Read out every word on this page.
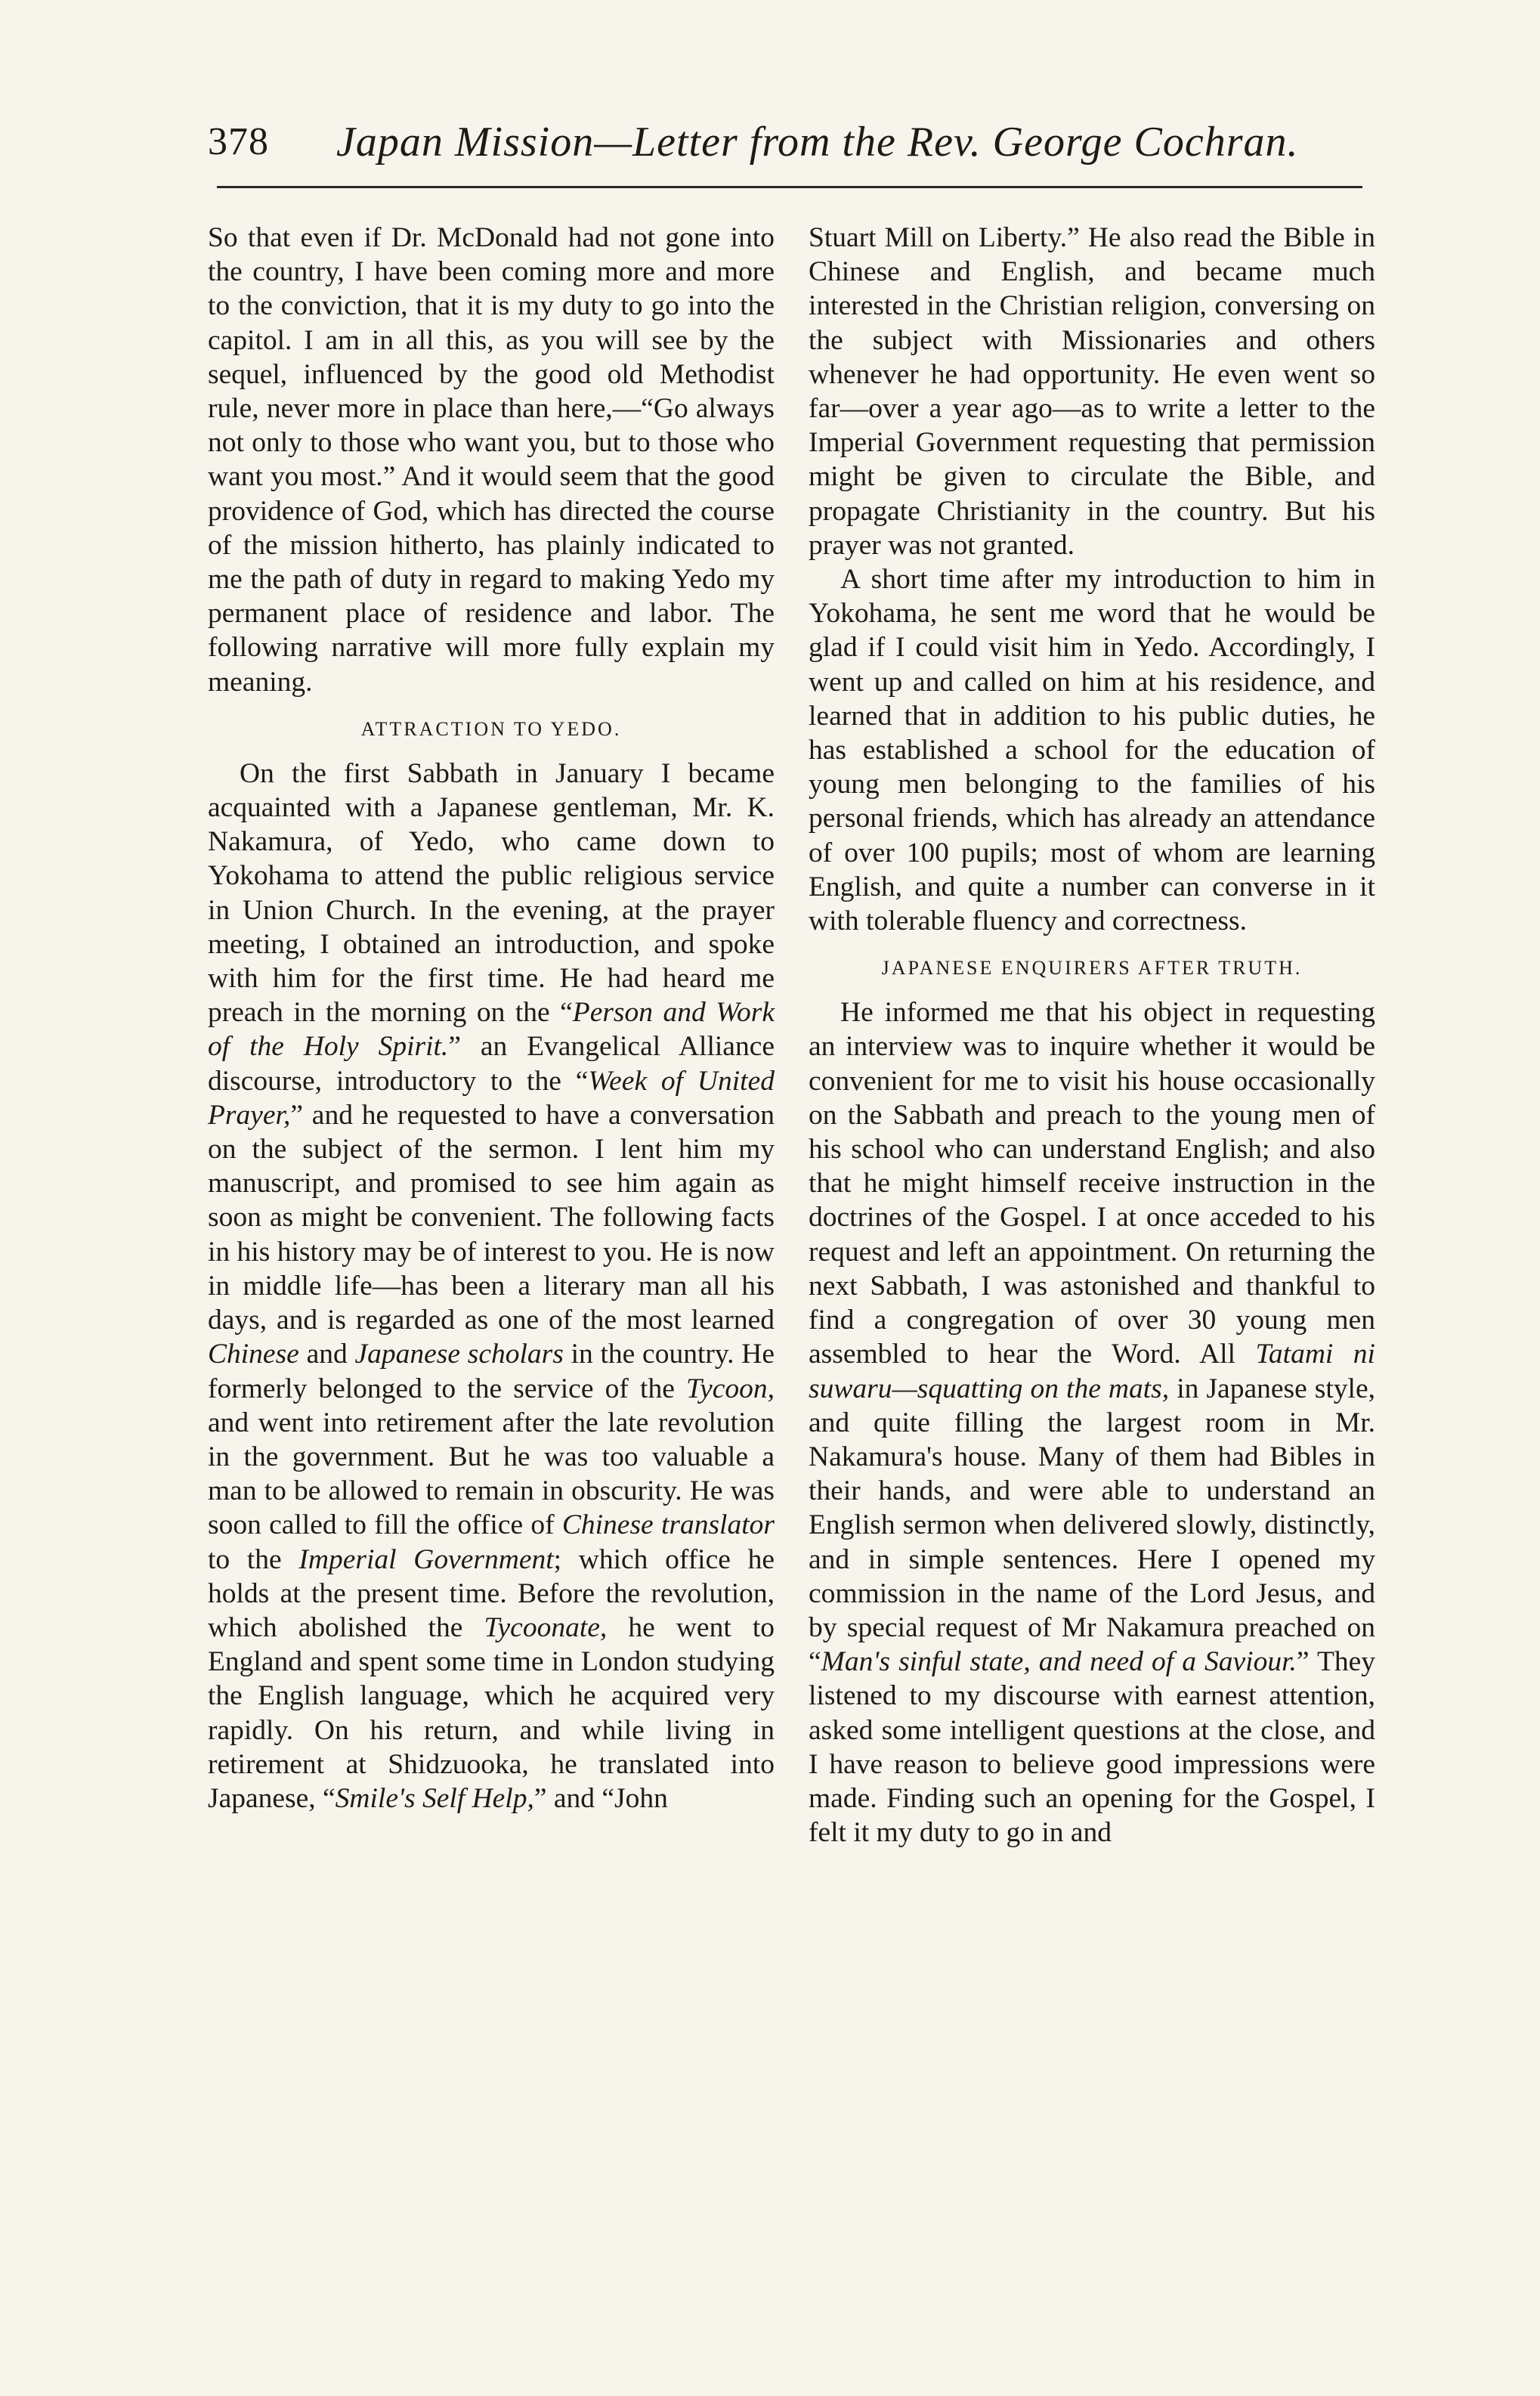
378 Japan Mission—Letter from the Rev. George Cochran.

So that even if Dr. McDonald had not gone into the country, I have been coming more and more to the conviction, that it is my duty to go into the capitol. I am in all this, as you will see by the sequel, influenced by the good old Methodist rule, never more in place than here,—“Go always not only to those who want you, but to those who want you most.” And it would seem that the good providence of God, which has directed the course of the mission hitherto, has plainly indicated to me the path of duty in regard to making Yedo my permanent place of residence and labor. The following narrative will more fully explain my meaning.

ATTRACTION TO YEDO.

On the first Sabbath in January I became acquainted with a Japanese gentleman, Mr. K. Nakamura, of Yedo, who came down to Yokohama to attend the public religious service in Union Church. In the evening, at the prayer meeting, I obtained an introduction, and spoke with him for the first time. He had heard me preach in the morning on the “Person and Work of the Holy Spirit.” an Evangelical Alliance discourse, introductory to the “Week of United Prayer,” and he requested to have a conversation on the subject of the sermon. I lent him my manuscript, and promised to see him again as soon as might be convenient. The following facts in his history may be of interest to you. He is now in middle life—has been a literary man all his days, and is regarded as one of the most learned Chinese and Japanese scholars in the country. He formerly belonged to the service of the Tycoon, and went into retirement after the late revolution in the government. But he was too valuable a man to be allowed to remain in obscurity. He was soon called to fill the office of Chinese translator to the Imperial Government; which office he holds at the present time. Before the revolution, which abolished the Tycoonate, he went to England and spent some time in London studying the English language, which he acquired very rapidly. On his return, and while living in retirement at Shidzuooka, he translated into Japanese, “Smile's Self Help,” and “John

Stuart Mill on Liberty.” He also read the Bible in Chinese and English, and became much interested in the Christian religion, conversing on the subject with Missionaries and others whenever he had opportunity. He even went so far—over a year ago—as to write a letter to the Imperial Government requesting that permission might be given to circulate the Bible, and propagate Christianity in the country. But his prayer was not granted.

A short time after my introduction to him in Yokohama, he sent me word that he would be glad if I could visit him in Yedo. Accordingly, I went up and called on him at his residence, and learned that in addition to his public duties, he has established a school for the education of young men belonging to the families of his personal friends, which has already an attendance of over 100 pupils; most of whom are learning English, and quite a number can converse in it with tolerable fluency and correctness.

JAPANESE ENQUIRERS AFTER TRUTH.

He informed me that his object in requesting an interview was to inquire whether it would be convenient for me to visit his house occasionally on the Sabbath and preach to the young men of his school who can understand English; and also that he might himself receive instruction in the doctrines of the Gospel. I at once acceded to his request and left an appointment. On returning the next Sabbath, I was astonished and thankful to find a congregation of over 30 young men assembled to hear the Word. All Tatami ni suwaru—squatting on the mats, in Japanese style, and quite filling the largest room in Mr. Nakamura's house. Many of them had Bibles in their hands, and were able to understand an English sermon when delivered slowly, distinctly, and in simple sentences. Here I opened my commission in the name of the Lord Jesus, and by special request of Mr Nakamura preached on “Man's sinful state, and need of a Saviour.” They listened to my discourse with earnest attention, asked some intelligent questions at the close, and I have reason to believe good impressions were made. Finding such an opening for the Gospel, I felt it my duty to go in and
